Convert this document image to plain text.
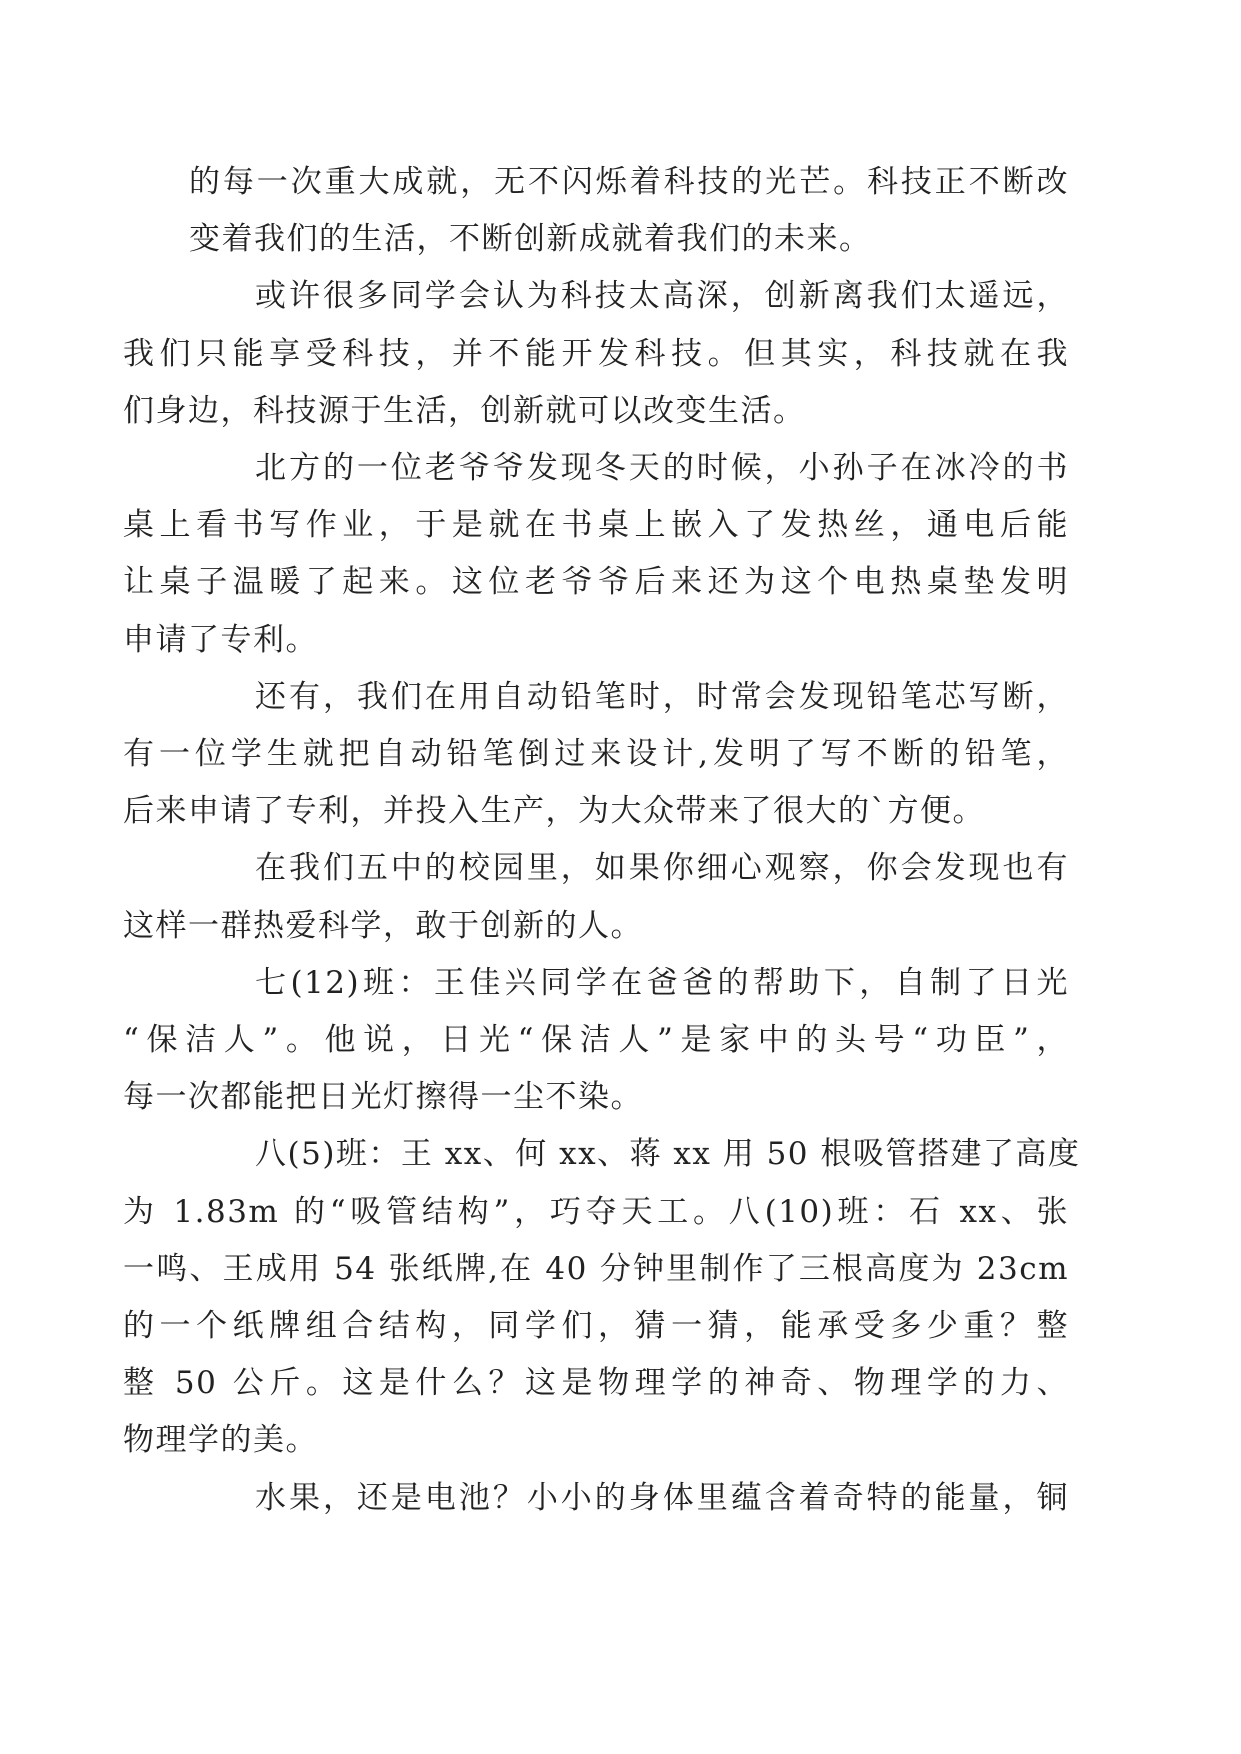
的每一次重大成就，无不闪烁着科技的光芒。科技正不断改
变着我们的生活，不断创新成就着我们的未来。

或许很多同学会认为科技太高深，创新离我们太遥远，
我们只能享受科技，并不能开发科技。但其实，科技就在我
们身边，科技源于生活，创新就可以改变生活。

北方的一位老爷爷发现冬天的时候，小孙子在冰冷的书
桌上看书写作业，于是就在书桌上嵌入了发热丝，通电后能
让桌子温暖了起来。这位老爷爷后来还为这个电热桌垫发明
申请了专利。

还有，我们在用自动铅笔时，时常会发现铅笔芯写断，
有一位学生就把自动铅笔倒过来设计,发明了写不断的铅笔，
后来申请了专利，并投入生产，为大众带来了很大的`方便。

在我们五中的校园里，如果你细心观察，你会发现也有
这样一群热爱科学，敢于创新的人。

七(12)班：王佳兴同学在爸爸的帮助下，自制了日光
“保洁人”。他说，日光“保洁人”是家中的头号“功臣”，
每一次都能把日光灯擦得一尘不染。

八(5)班：王 xx、何 xx、蒋 xx 用 50 根吸管搭建了高度
为 1.83m 的“吸管结构”，巧夺天工。八(10)班：石 xx、张
一鸣、王成用 54 张纸牌,在 40 分钟里制作了三根高度为 23cm
的一个纸牌组合结构，同学们，猜一猜，能承受多少重？整
整 50 公斤。这是什么？这是物理学的神奇、物理学的力、
物理学的美。

水果，还是电池？小小的身体里蕴含着奇特的能量，铜
